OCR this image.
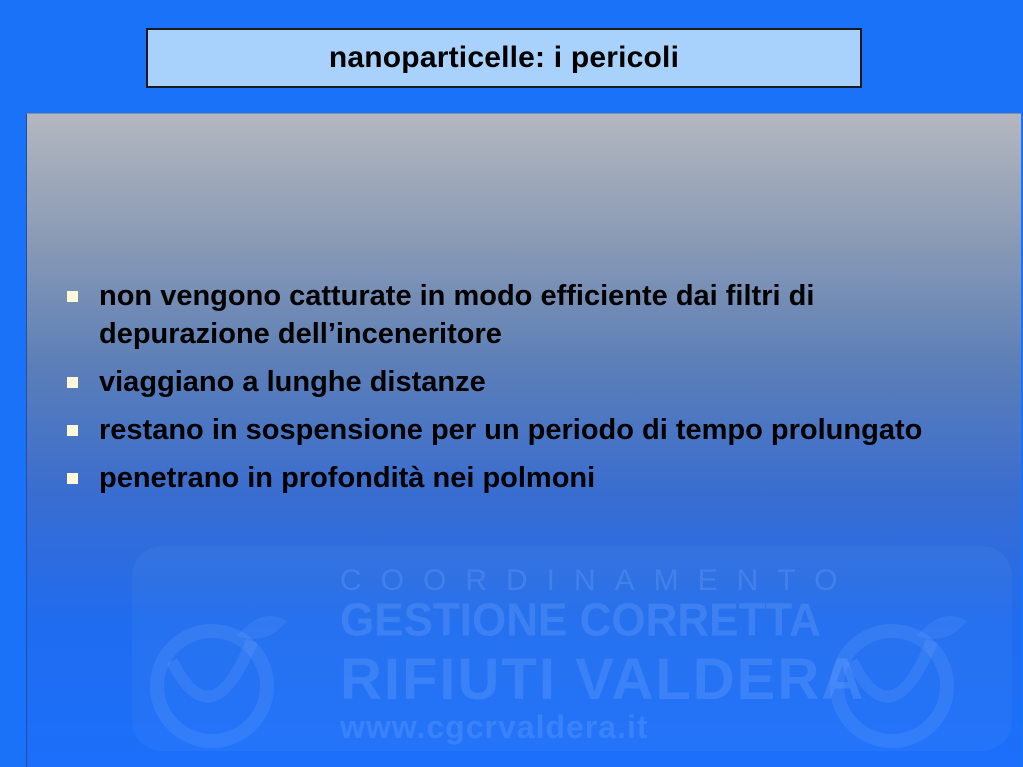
nanoparticelle: i pericoli
COORDINAMENTO
GESTIONE CORRETTA
RIFIUTI VALDERA
www.cgcrvaldera.it
non vengono catturate in modo efficiente dai filtri di depurazione dell’inceneritore
viaggiano a lunghe distanze
restano in sospensione per un periodo di tempo prolungato
penetrano in profondità nei polmoni
